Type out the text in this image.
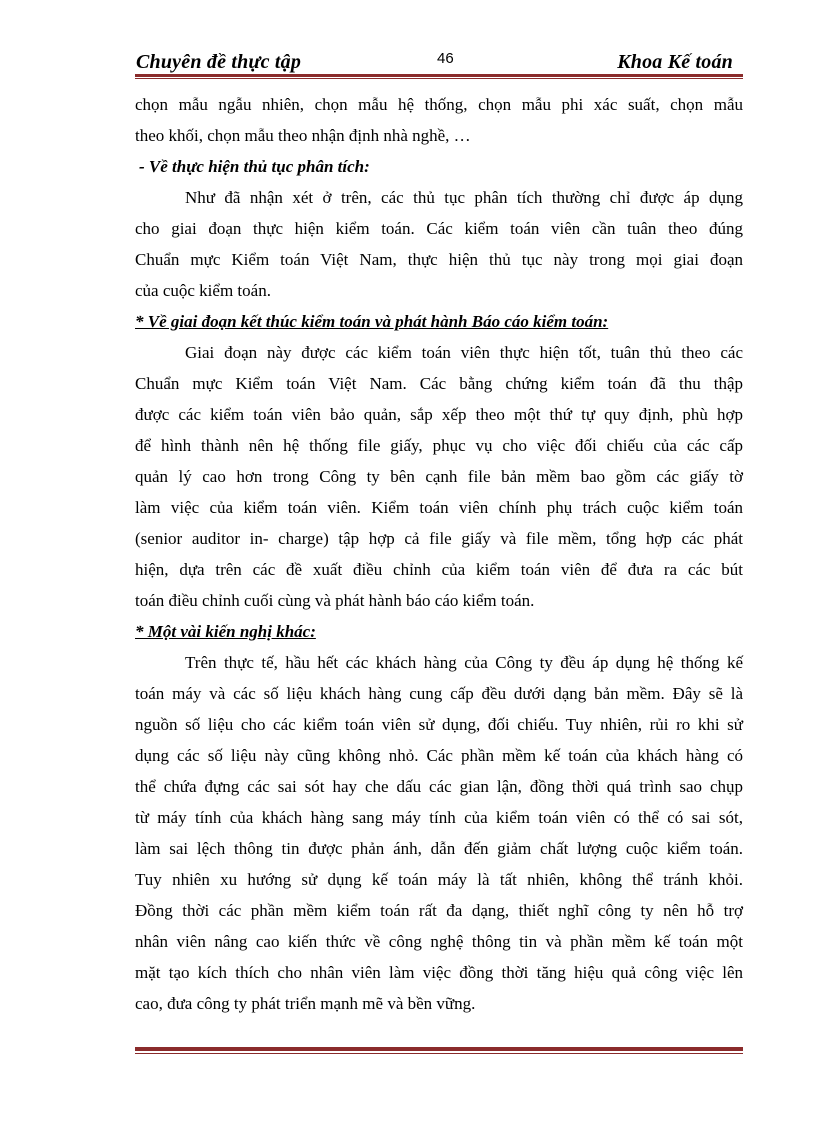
Chuyên đề thực tập	46	Khoa Kế toán
chọn mẫu ngẫu nhiên, chọn mẫu hệ thống, chọn mẫu phi xác suất, chọn mẫu
theo khối, chọn mẫu theo nhận định nhà nghề, …
- Về thực hiện thủ tục phân tích:
Như đã nhận xét ở trên, các thủ tục phân tích thường chỉ được áp dụng
cho giai đoạn thực hiện kiểm toán. Các kiểm toán viên cần tuân theo đúng
Chuẩn mực Kiểm toán Việt Nam, thực hiện thủ tục này trong mọi giai đoạn
của cuộc kiểm toán.
* Về giai đoạn kết thúc kiểm toán và phát hành Báo cáo kiểm toán:
Giai đoạn này được các kiểm toán viên thực hiện tốt, tuân thủ theo các
Chuẩn mực Kiểm toán Việt Nam. Các bằng chứng kiểm toán đã thu thập
được các kiểm toán viên bảo quản, sắp xếp theo một thứ tự quy định, phù hợp
để hình thành nên hệ thống file giấy, phục vụ cho việc đối chiếu của các cấp
quản lý cao hơn trong Công ty bên cạnh file bản mềm bao gồm các giấy tờ
làm việc của kiểm toán viên. Kiểm toán viên chính phụ trách cuộc kiểm toán
(senior auditor in- charge) tập hợp cả file giấy và file mềm, tổng hợp các phát
hiện, dựa trên các đề xuất điều chỉnh của kiểm toán viên để đưa ra các bút
toán điều chỉnh cuối cùng và phát hành báo cáo kiểm toán.
* Một vài kiến nghị khác:
Trên thực tế, hầu hết các khách hàng của Công ty đều áp dụng hệ thống kế
toán máy và các số liệu khách hàng cung cấp đều dưới dạng bản mềm. Đây sẽ là
nguồn số liệu cho các kiểm toán viên sử dụng, đối chiếu. Tuy nhiên, rủi ro khi sử
dụng các số liệu này cũng không nhỏ. Các phần mềm kế toán của khách hàng có
thể chứa đựng các sai sót hay che dấu các gian lận, đồng thời quá trình sao chụp
từ máy tính của khách hàng sang máy tính của kiểm toán viên có thể có sai sót,
làm sai lệch thông tin được phản ánh, dẫn đến giảm chất lượng cuộc kiểm toán.
Tuy nhiên xu hướng sử dụng kế toán máy là tất nhiên, không thể tránh khỏi.
Đồng thời các phần mềm kiểm toán rất đa dạng, thiết nghĩ công ty nên hỗ trợ
nhân viên nâng cao kiến thức về công nghệ thông tin và phần mềm kế toán một
mặt tạo kích thích cho nhân viên làm việc đồng thời tăng hiệu quả công việc lên
cao, đưa công ty phát triển mạnh mẽ và bền vững.
